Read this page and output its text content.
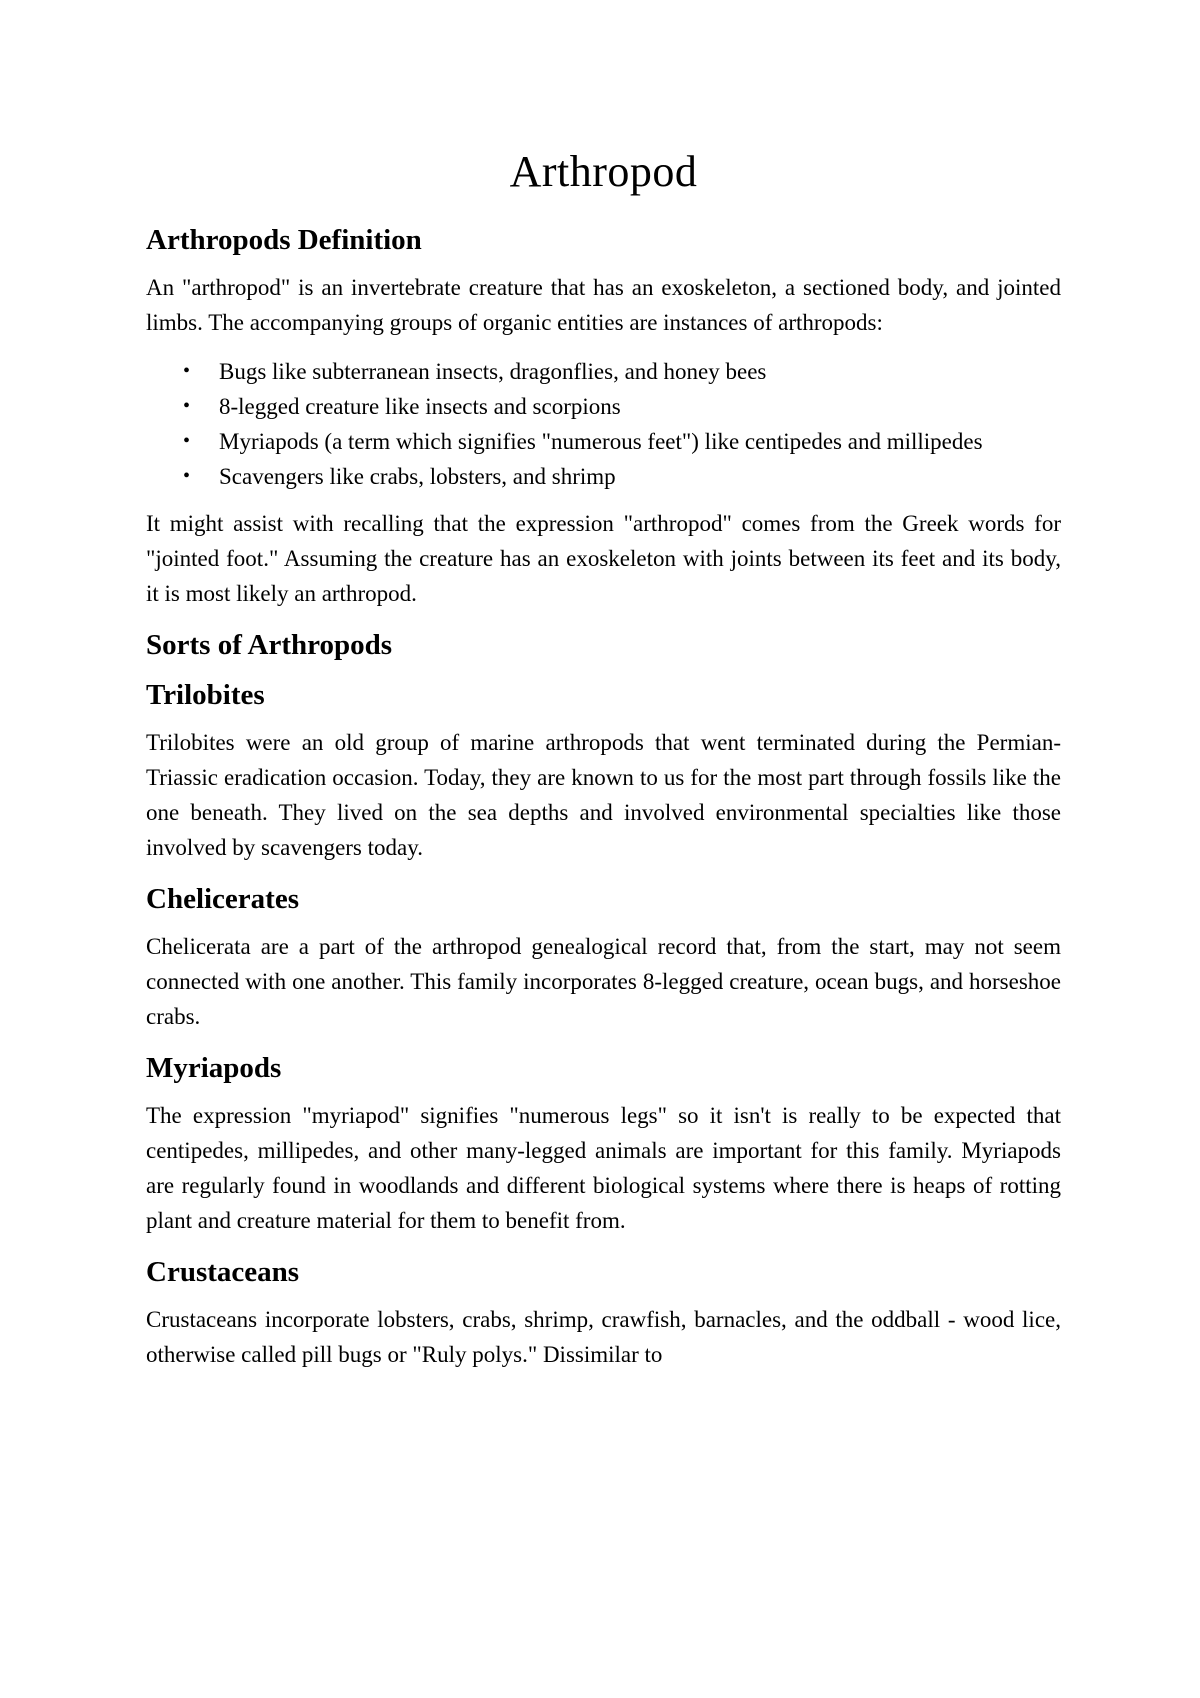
Arthropod
Arthropods Definition

An "arthropod" is an invertebrate creature that has an exoskeleton, a sectioned body, and jointed limbs. The accompanying groups of organic entities are instances of arthropods:

• Bugs like subterranean insects, dragonflies, and honey bees
• 8-legged creature like insects and scorpions
• Myriapods (a term which signifies "numerous feet") like centipedes and millipedes
• Scavengers like crabs, lobsters, and shrimp

It might assist with recalling that the expression "arthropod" comes from the Greek words for "jointed foot." Assuming the creature has an exoskeleton with joints between its feet and its body, it is most likely an arthropod.

Sorts of Arthropods
Trilobites

Trilobites were an old group of marine arthropods that went terminated during the Permian-Triassic eradication occasion. Today, they are known to us for the most part through fossils like the one beneath. They lived on the sea depths and involved environmental specialties like those involved by scavengers today.

Chelicerates

Chelicerata are a part of the arthropod genealogical record that, from the start, may not seem connected with one another. This family incorporates 8-legged creature, ocean bugs, and horseshoe crabs.

Myriapods

The expression "myriapod" signifies "numerous legs" so it isn't is really to be expected that centipedes, millipedes, and other many-legged animals are important for this family. Myriapods are regularly found in woodlands and different biological systems where there is heaps of rotting plant and creature material for them to benefit from.

Crustaceans

Crustaceans incorporate lobsters, crabs, shrimp, crawfish, barnacles, and the oddball - wood lice, otherwise called pill bugs or "Ruly polys." Dissimilar to
